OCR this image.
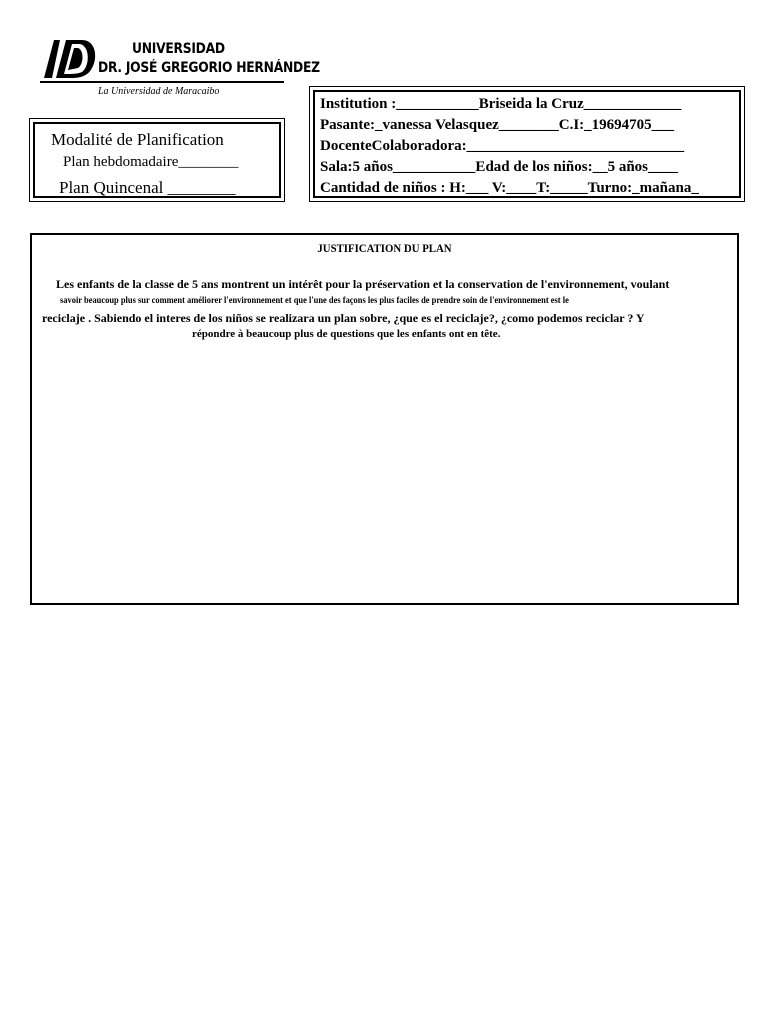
UNIVERSIDAD

DR. JOSÉ GREGORIO HERNÁNDEZ

La Universidad de Maracaibo

Modalité de Planification

Plan hebdomadaire________

Plan Quincenal ________

Institution :___________Briseida la Cruz_____________

Pasante:_vanessa Velasquez________C.I:_19694705___

DocenteColaboradora:_____________________________

Sala:5 años___________Edad de los niños:__5 años____

Cantidad de niños : H:___ V:____T:_____Turno:_mañana_

JUSTIFICATION DU PLAN

Les enfants de la classe de 5 ans montrent un intérêt pour la préservation et la conservation de l'environnement, voulant

savoir beaucoup plus sur comment améliorer l'environnement et que l'une des façons les plus faciles de prendre soin de l'environnement est le

reciclaje . Sabiendo el interes de los niños se realizara un plan sobre, ¿que es el reciclaje?, ¿como podemos reciclar ? Y

répondre à beaucoup plus de questions que les enfants ont en tête.
